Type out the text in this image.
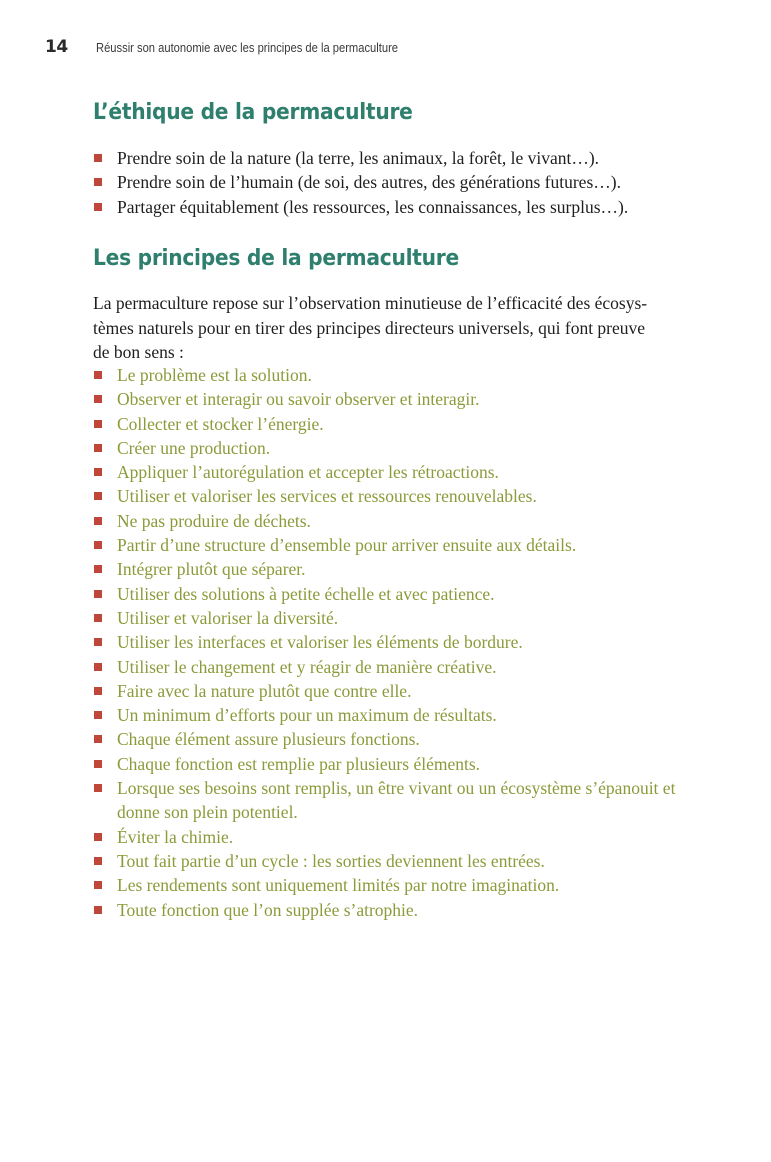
14 Réussir son autonomie avec les principes de la permaculture
L’éthique de la permaculture
Prendre soin de la nature (la terre, les animaux, la forêt, le vivant…).
Prendre soin de l’humain (de soi, des autres, des générations futures…).
Partager équitablement (les ressources, les connaissances, les surplus…).
Les principes de la permaculture
La permaculture repose sur l’observation minutieuse de l’efficacité des écosys-
tèmes naturels pour en tirer des principes directeurs universels, qui font preuve
de bon sens :
Le problème est la solution.
Observer et interagir ou savoir observer et interagir.
Collecter et stocker l’énergie.
Créer une production.
Appliquer l’autorégulation et accepter les rétroactions.
Utiliser et valoriser les services et ressources renouvelables.
Ne pas produire de déchets.
Partir d’une structure d’ensemble pour arriver ensuite aux détails.
Intégrer plutôt que séparer.
Utiliser des solutions à petite échelle et avec patience.
Utiliser et valoriser la diversité.
Utiliser les interfaces et valoriser les éléments de bordure.
Utiliser le changement et y réagir de manière créative.
Faire avec la nature plutôt que contre elle.
Un minimum d’efforts pour un maximum de résultats.
Chaque élément assure plusieurs fonctions.
Chaque fonction est remplie par plusieurs éléments.
Lorsque ses besoins sont remplis, un être vivant ou un écosystème s’épanouit et donne son plein potentiel.
Éviter la chimie.
Tout fait partie d’un cycle : les sorties deviennent les entrées.
Les rendements sont uniquement limités par notre imagination.
Toute fonction que l’on supplée s’atrophie.
